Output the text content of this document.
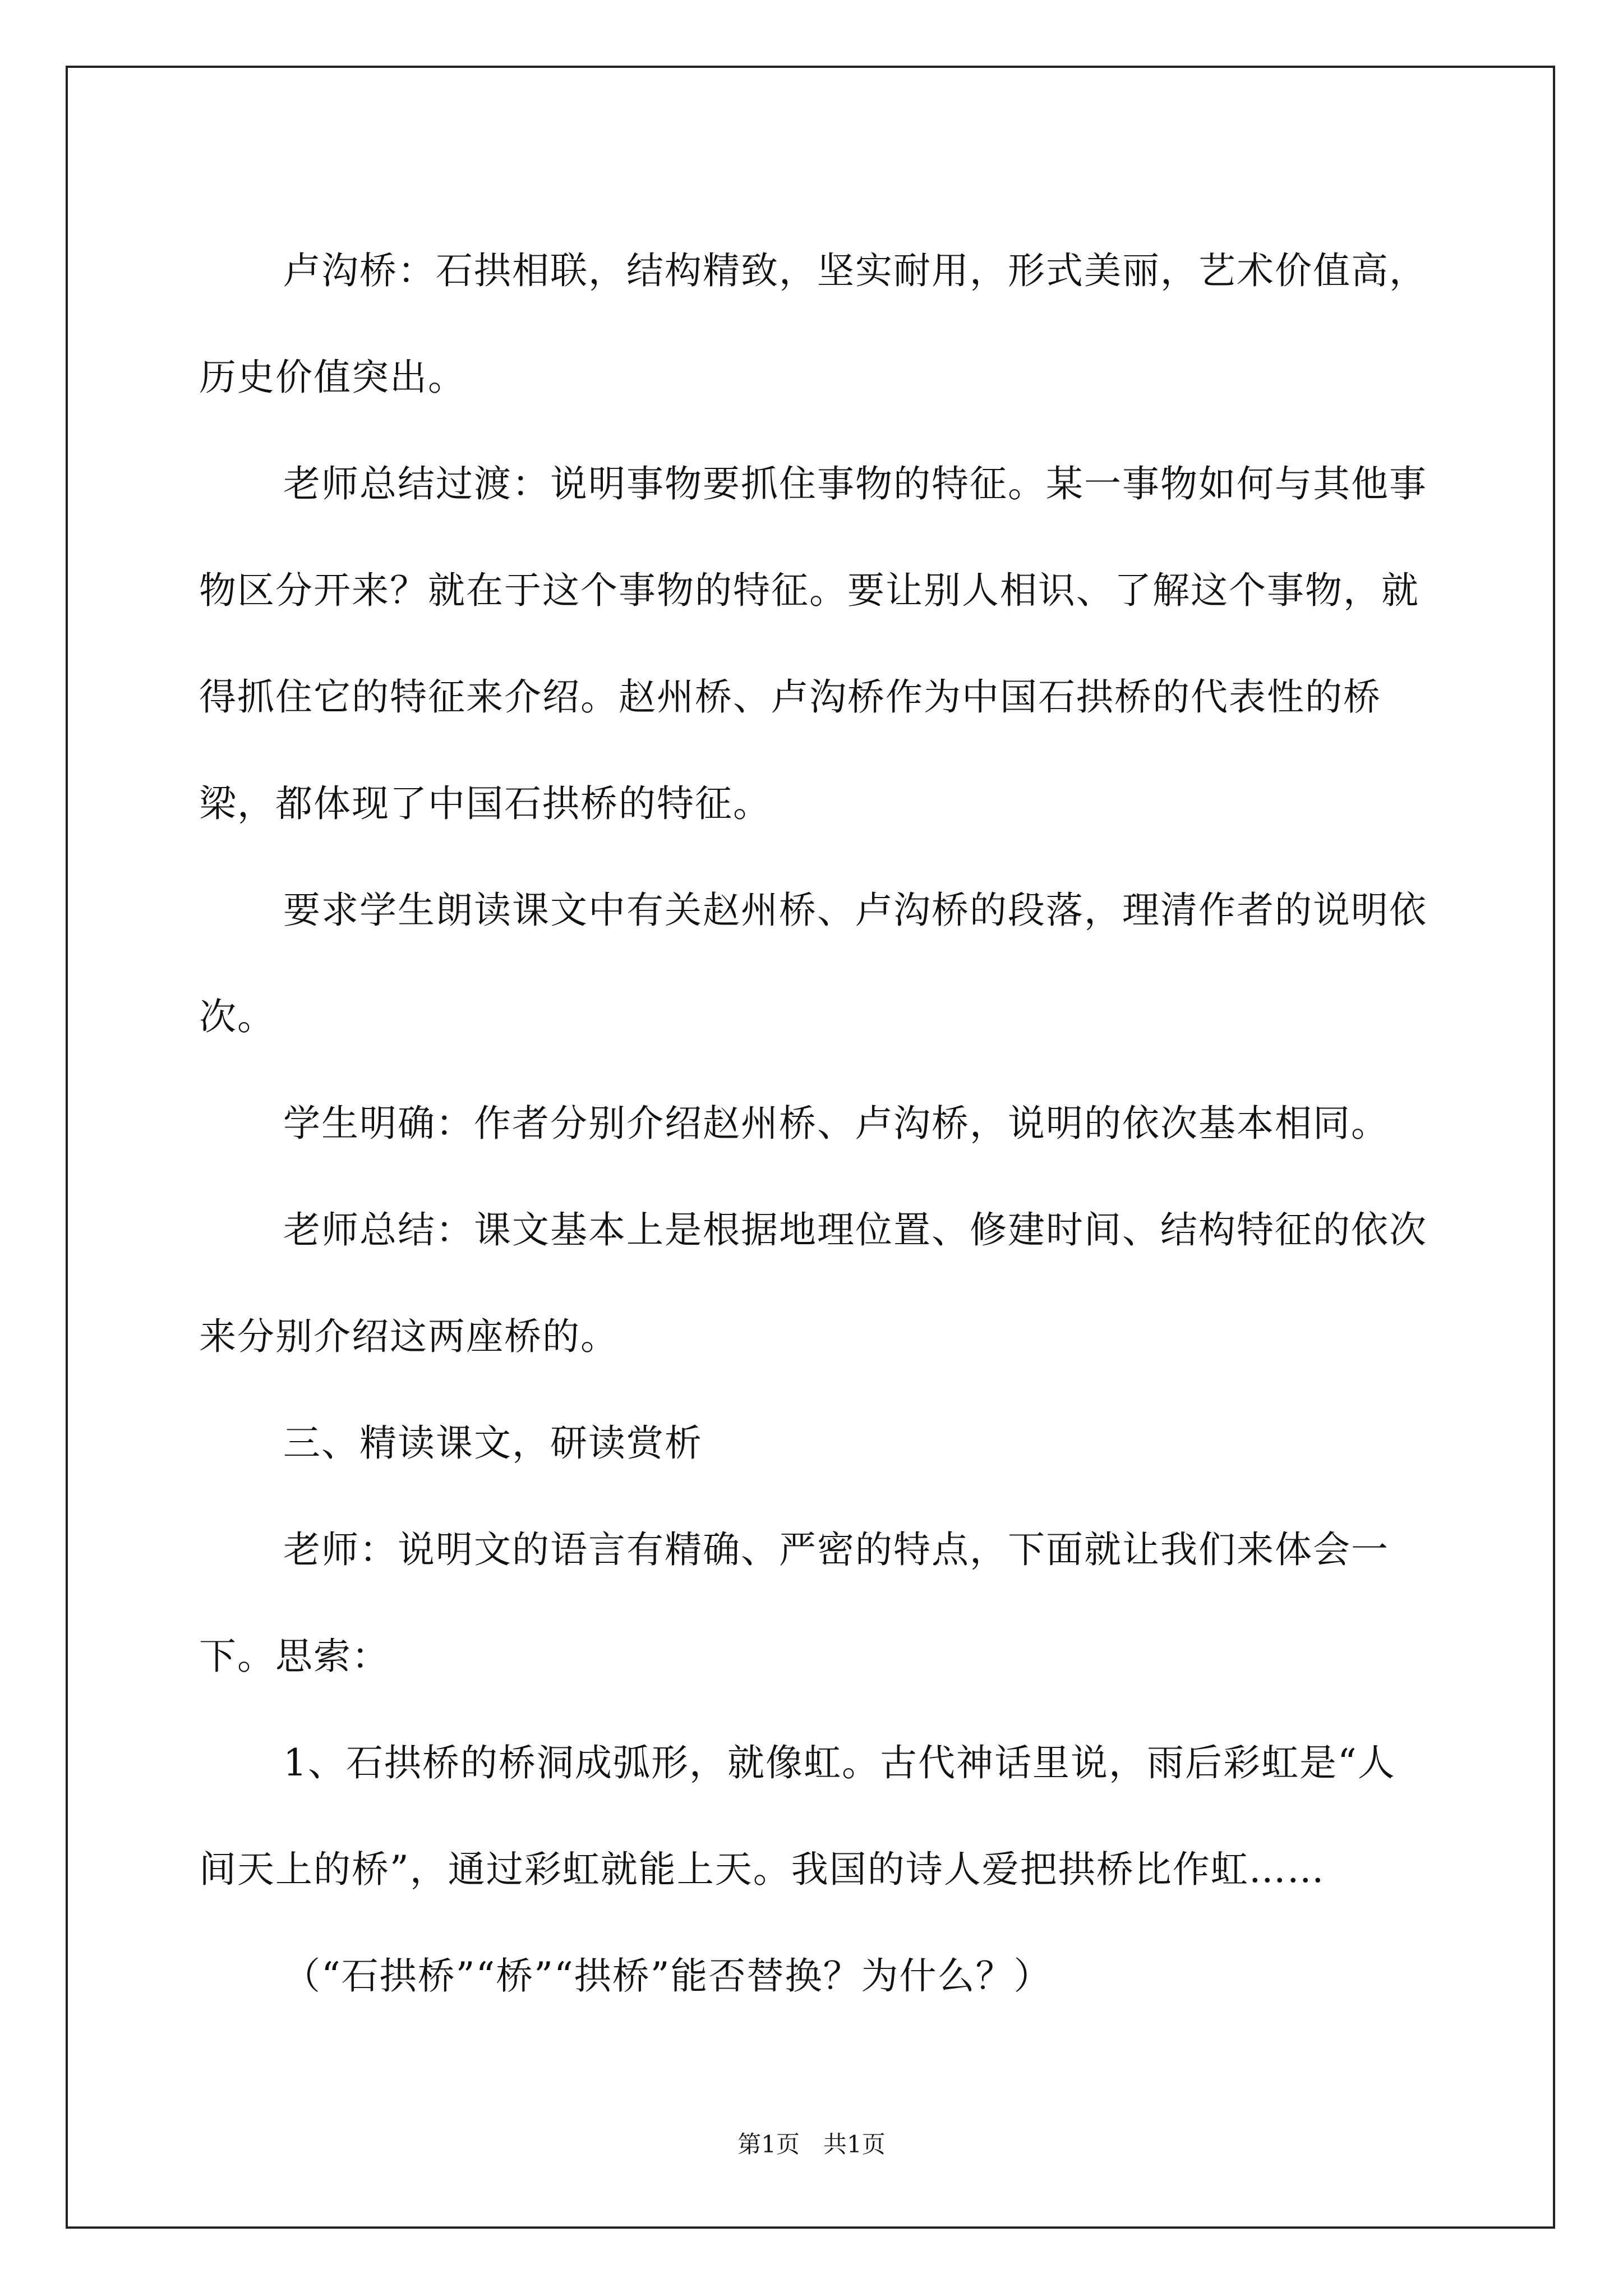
卢沟桥：石拱相联，结构精致，坚实耐用，形式美丽，艺术价值高，历史价值突出。

老师总结过渡：说明事物要抓住事物的特征。某一事物如何与其他事物区分开来？就在于这个事物的特征。要让别人相识、了解这个事物，就得抓住它的特征来介绍。赵州桥、卢沟桥作为中国石拱桥的代表性的桥梁，都体现了中国石拱桥的特征。

要求学生朗读课文中有关赵州桥、卢沟桥的段落，理清作者的说明依次。

学生明确：作者分别介绍赵州桥、卢沟桥，说明的依次基本相同。

老师总结：课文基本上是根据地理位置、修建时间、结构特征的依次来分别介绍这两座桥的。

三、精读课文，研读赏析

老师：说明文的语言有精确、严密的特点，下面就让我们来体会一下。思索：

1、石拱桥的桥洞成弧形，就像虹。古代神话里说，雨后彩虹是“人间天上的桥”，通过彩虹就能上天。我国的诗人爱把拱桥比作虹……

（“石拱桥”“桥”“拱桥”能否替换？为什么？）

第1页　共1页
